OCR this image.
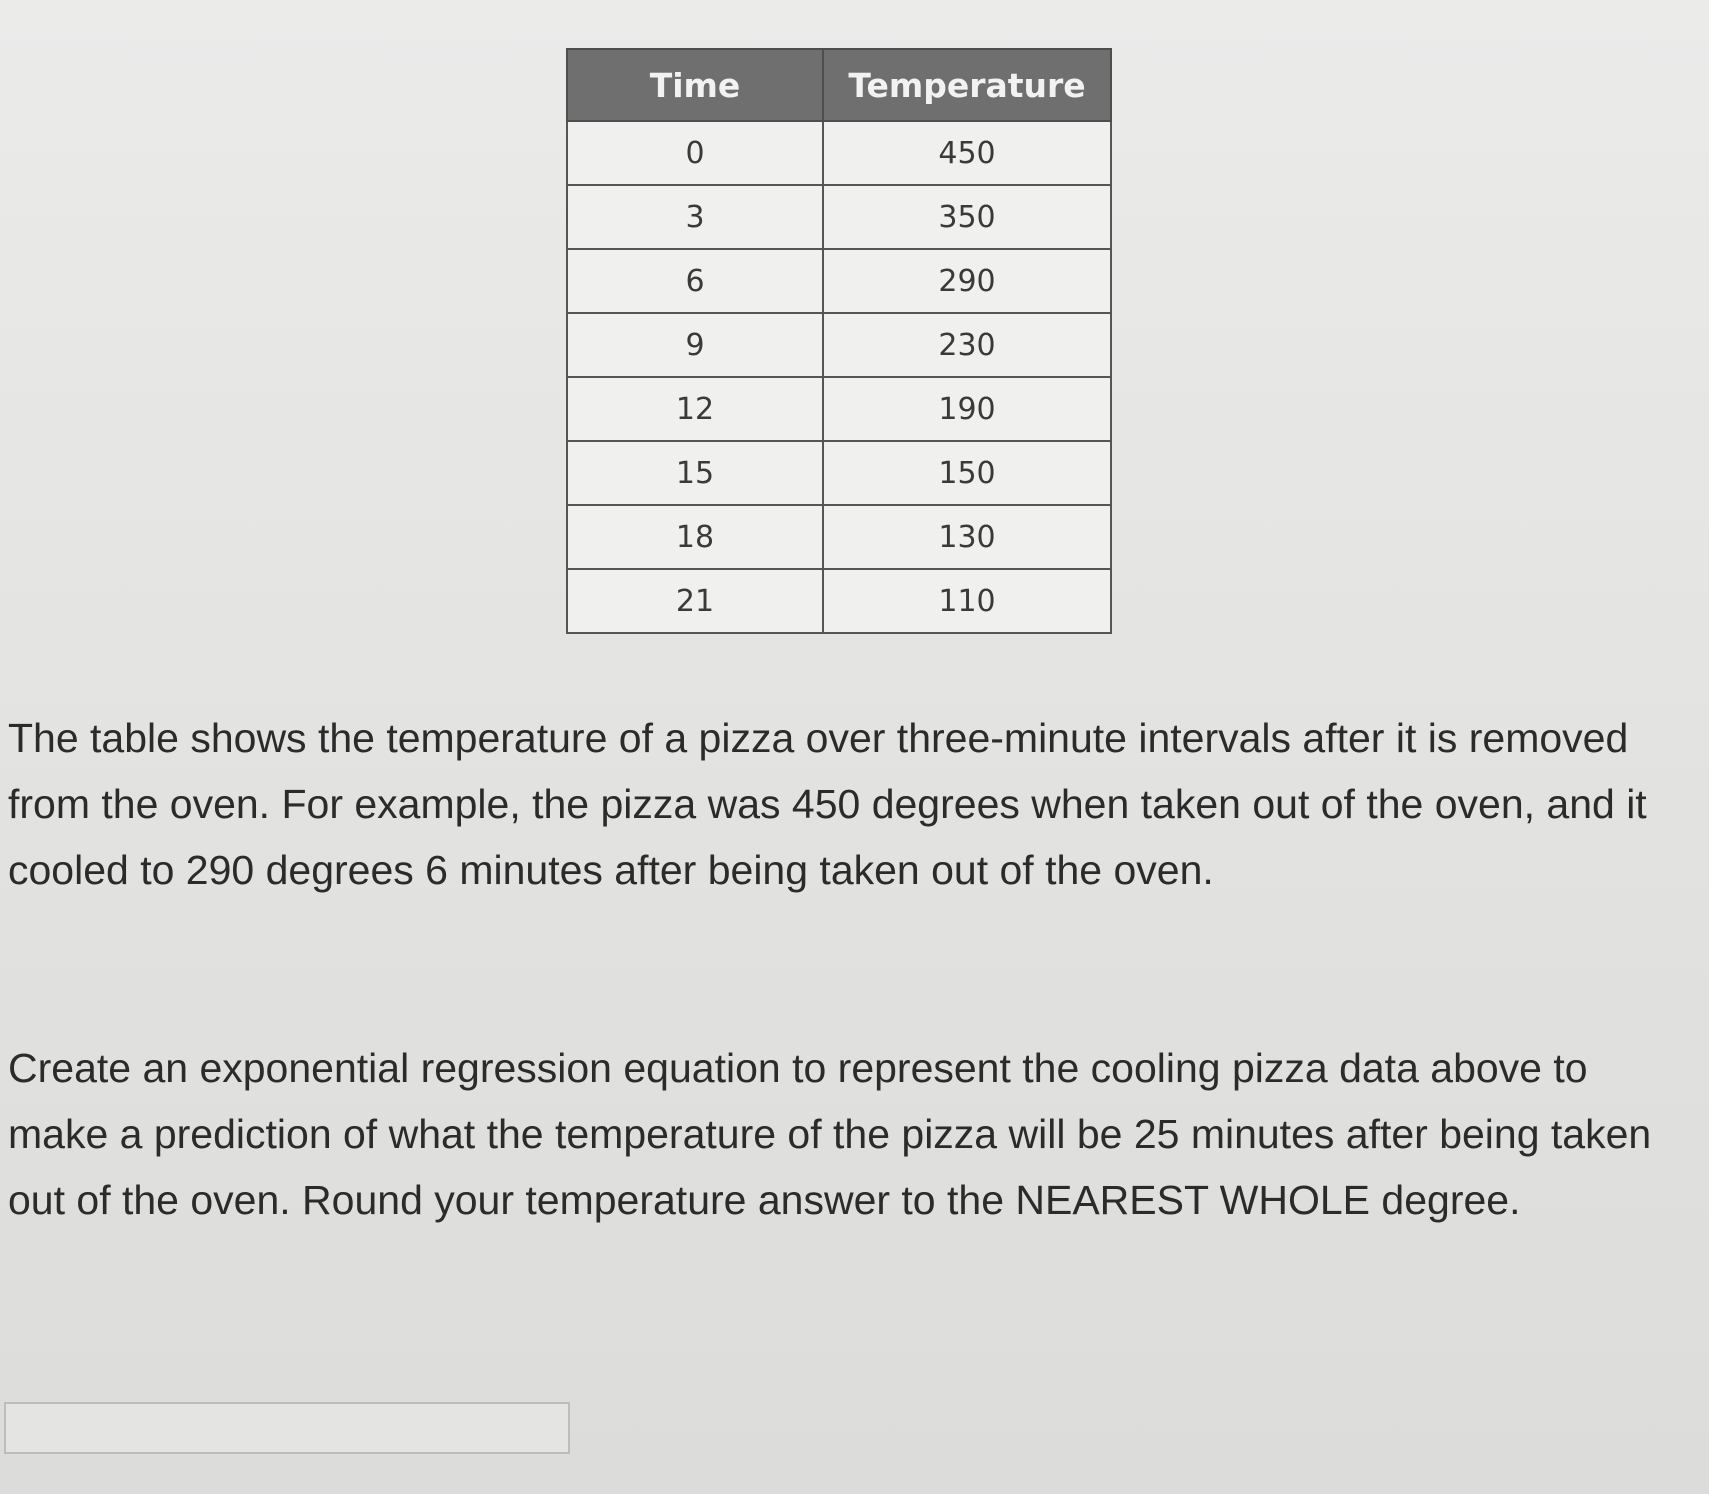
Time	Temperature
0	450
3	350
6	290
9	230
12	190
15	150
18	130
21	110

The table shows the temperature of a pizza over three-minute intervals after it is removed from the oven. For example, the pizza was 450 degrees when taken out of the oven, and it cooled to 290 degrees 6 minutes after being taken out of the oven.

Create an exponential regression equation to represent the cooling pizza data above to make a prediction of what the temperature of the pizza will be 25 minutes after being taken out of the oven. Round your temperature answer to the NEAREST WHOLE degree.
